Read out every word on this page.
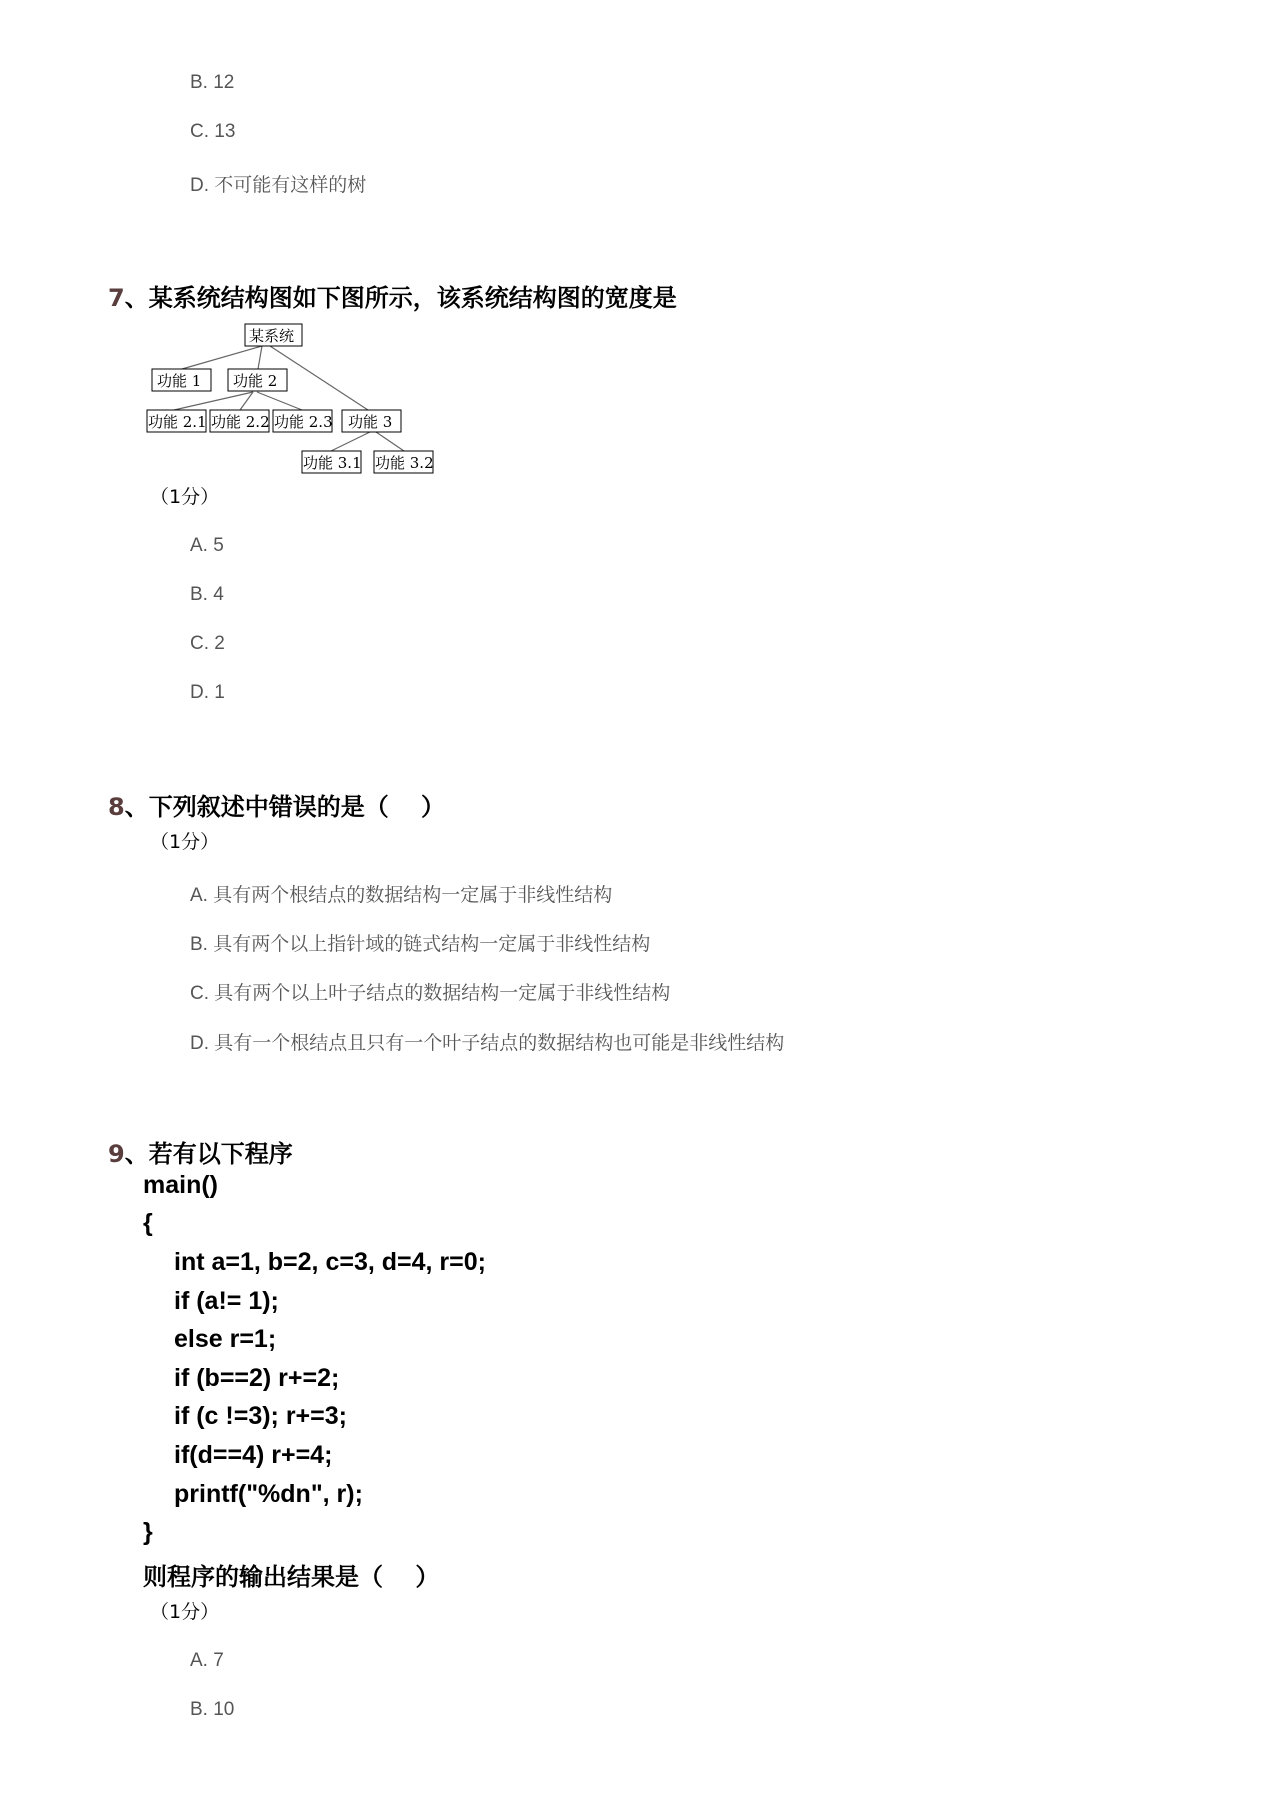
B. 12
C. 13
D. 不可能有这样的树
7、某系统结构图如下图所示，该系统结构图的宽度是
某系统
功能 1 功能 2
功能 2.1 功能 2.2 功能 2.3 功能 3
功能 3.1 功能 3.2
（1分）
A. 5
B. 4
C. 2
D. 1
8、下列叙述中错误的是（　 ）
（1分）
A. 具有两个根结点的数据结构一定属于非线性结构
B. 具有两个以上指针域的链式结构一定属于非线性结构
C. 具有两个以上叶子结点的数据结构一定属于非线性结构
D. 具有一个根结点且只有一个叶子结点的数据结构也可能是非线性结构
9、若有以下程序
main()
{
int a=1, b=2, c=3, d=4, r=0;
if (a!= 1);
else r=1;
if (b==2) r+=2;
if (c !=3); r+=3;
if(d==4) r+=4;
printf("%dn", r);
}
则程序的输出结果是（　 ）
（1分）
A. 7
B. 10
